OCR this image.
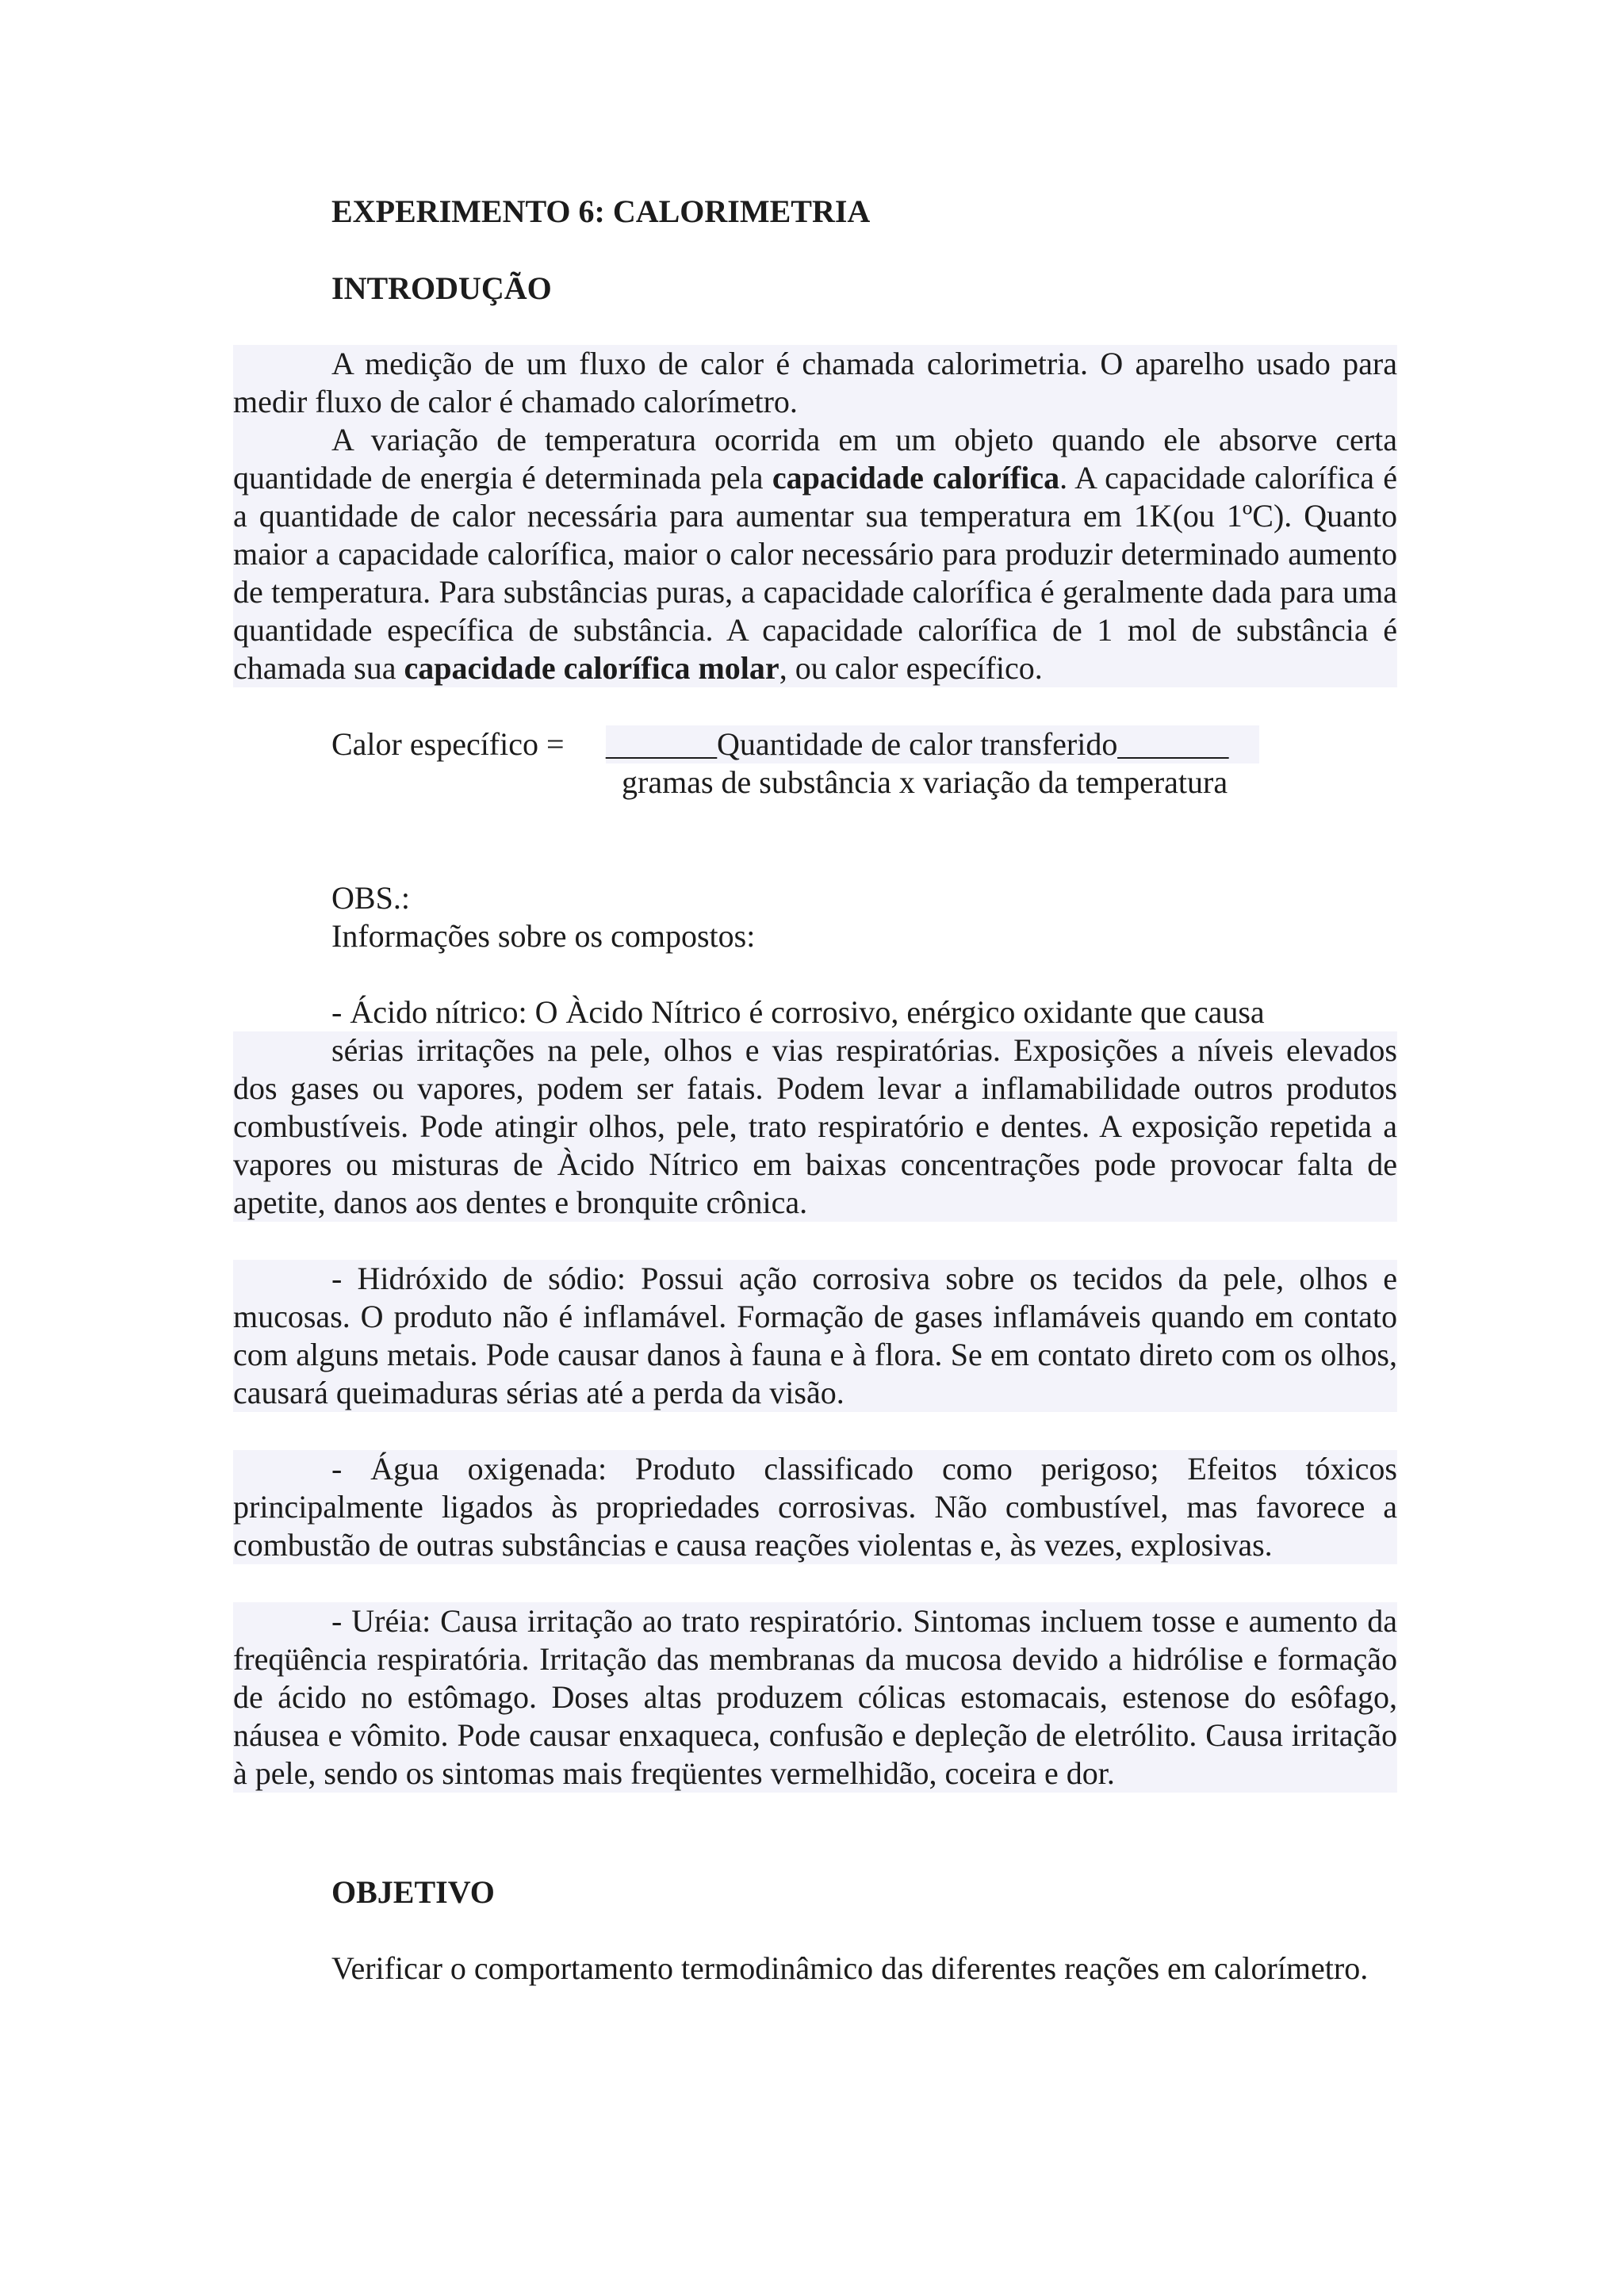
EXPERIMENTO 6: CALORIMETRIA
INTRODUÇÃO

A medição de um fluxo de calor é chamada calorimetria. O aparelho usado para medir fluxo de calor é chamado calorímetro.

A variação de temperatura ocorrida em um objeto quando ele absorve certa quantidade de energia é determinada pela capacidade calorífica. A capacidade calorífica é a quantidade de calor necessária para aumentar sua temperatura em 1K(ou 1ºC). Quanto maior a capacidade calorífica, maior o calor necessário para produzir determinado aumento de temperatura. Para substâncias puras, a capacidade calorífica é geralmente dada para uma quantidade específica de substância. A capacidade calorífica de 1 mol de substância é chamada sua capacidade calorífica molar, ou calor específico.

Calor específico = _______Quantidade de calor transferido_______
gramas de substância x variação da temperatura
OBS.:
Informações sobre os compostos:
- Ácido nítrico: O Àcido Nítrico é corrosivo, enérgico oxidante que causa
sérias irritações na pele, olhos e vias respiratórias. Exposições a níveis elevados
dos gases ou vapores, podem ser fatais. Podem levar a inflamabilidade outros produtos combustíveis. Pode atingir olhos, pele, trato respiratório e dentes. A exposição repetida a vapores ou misturas de Àcido Nítrico em baixas concentrações pode provocar falta de apetite, danos aos dentes e bronquite crônica.

- Hidróxido de sódio: Possui ação corrosiva sobre os tecidos da pele, olhos e mucosas. O produto não é inflamável. Formação de gases inflamáveis quando em contato com alguns metais. Pode causar danos à fauna e à flora. Se em contato direto com os olhos, causará queimaduras sérias até a perda da visão.

- Água oxigenada: Produto classificado como perigoso; Efeitos tóxicos principalmente ligados às propriedades corrosivas. Não combustível, mas favorece a combustão de outras substâncias e causa reações violentas e, às vezes, explosivas.

- Uréia: Causa irritação ao trato respiratório. Sintomas incluem tosse e aumento da freqüência respiratória. Irritação das membranas da mucosa devido a hidrólise e formação de ácido no estômago. Doses altas produzem cólicas estomacais, estenose do esôfago, náusea e vômito. Pode causar enxaqueca, confusão e depleção de eletrólito. Causa irritação à pele, sendo os sintomas mais freqüentes vermelhidão, coceira e dor.

OBJETIVO
Verificar o comportamento termodinâmico das diferentes reações em calorímetro.
